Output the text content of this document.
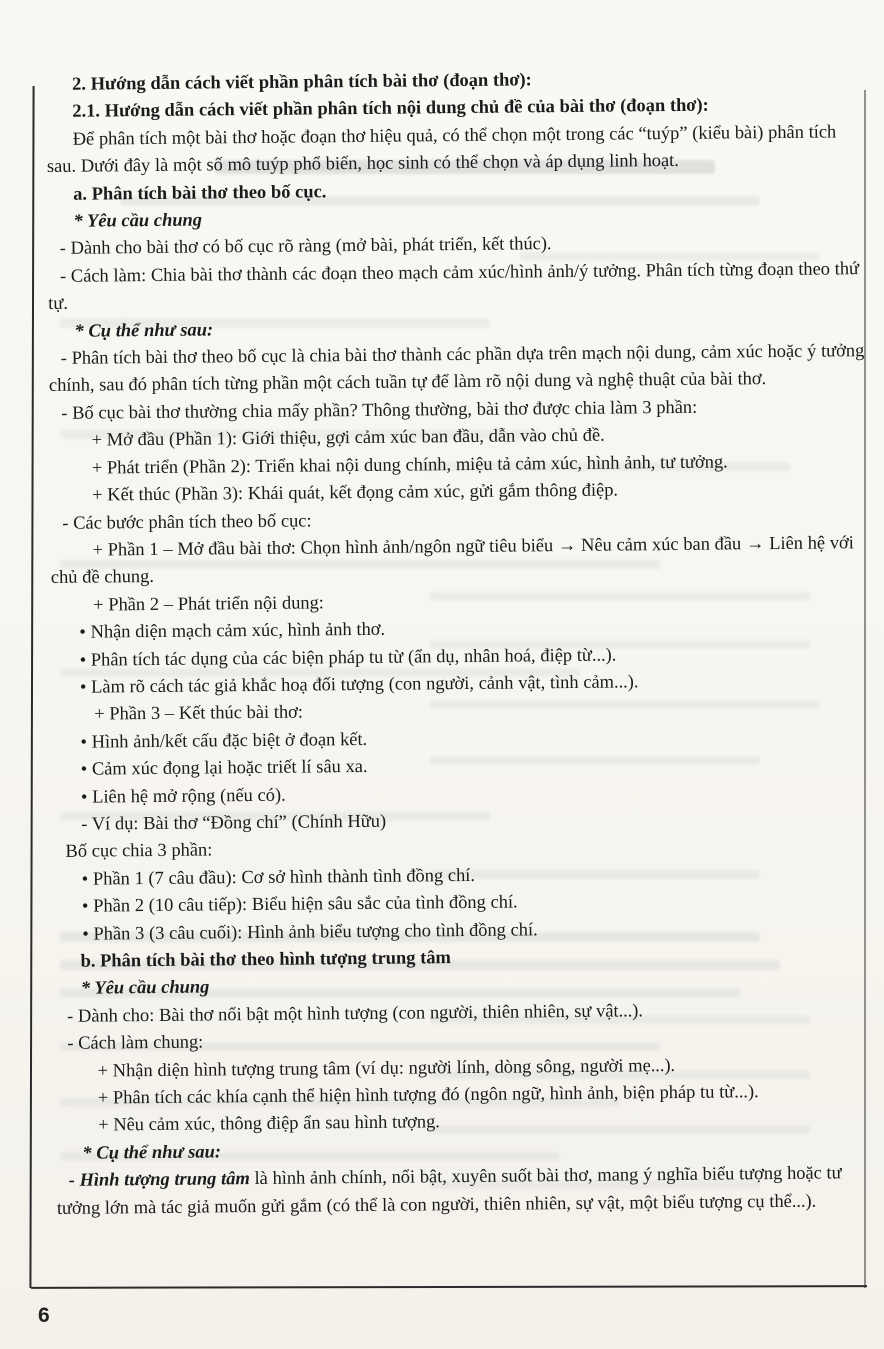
2. Hướng dẫn cách viết phần phân tích bài thơ (đoạn thơ):

2.1. Hướng dẫn cách viết phần phân tích nội dung chủ đề của bài thơ (đoạn thơ):

Để phân tích một bài thơ hoặc đoạn thơ hiệu quả, có thể chọn một trong các “tuýp” (kiểu bài) phân tích sau. Dưới đây là một số mô tuýp phổ biến, học sinh có thể chọn và áp dụng linh hoạt.

a. Phân tích bài thơ theo bố cục.

* Yêu cầu chung

- Dành cho bài thơ có bố cục rõ ràng (mở bài, phát triển, kết thúc).

- Cách làm: Chia bài thơ thành các đoạn theo mạch cảm xúc/hình ảnh/ý tưởng. Phân tích từng đoạn theo thứ tự.

* Cụ thể như sau:

- Phân tích bài thơ theo bố cục là chia bài thơ thành các phần dựa trên mạch nội dung, cảm xúc hoặc ý tưởng chính, sau đó phân tích từng phần một cách tuần tự để làm rõ nội dung và nghệ thuật của bài thơ.

- Bố cục bài thơ thường chia mấy phần? Thông thường, bài thơ được chia làm 3 phần:

+ Mở đầu (Phần 1): Giới thiệu, gợi cảm xúc ban đầu, dẫn vào chủ đề.

+ Phát triển (Phần 2): Triển khai nội dung chính, miệu tả cảm xúc, hình ảnh, tư tưởng.

+ Kết thúc (Phần 3): Khái quát, kết đọng cảm xúc, gửi gắm thông điệp.

- Các bước phân tích theo bố cục:

+ Phần 1 – Mở đầu bài thơ: Chọn hình ảnh/ngôn ngữ tiêu biểu → Nêu cảm xúc ban đầu → Liên hệ với chủ đề chung.

+ Phần 2 – Phát triển nội dung:

• Nhận diện mạch cảm xúc, hình ảnh thơ.

• Phân tích tác dụng của các biện pháp tu từ (ẩn dụ, nhân hoá, điệp từ...).

• Làm rõ cách tác giả khắc hoạ đối tượng (con người, cảnh vật, tình cảm...).

+ Phần 3 – Kết thúc bài thơ:

• Hình ảnh/kết cấu đặc biệt ở đoạn kết.

• Cảm xúc đọng lại hoặc triết lí sâu xa.

• Liên hệ mở rộng (nếu có).

- Ví dụ: Bài thơ “Đồng chí” (Chính Hữu)

Bố cục chia 3 phần:

• Phần 1 (7 câu đầu): Cơ sở hình thành tình đồng chí.

• Phần 2 (10 câu tiếp): Biểu hiện sâu sắc của tình đồng chí.

• Phần 3 (3 câu cuối): Hình ảnh biểu tượng cho tình đồng chí.

b. Phân tích bài thơ theo hình tượng trung tâm

* Yêu cầu chung

- Dành cho: Bài thơ nổi bật một hình tượng (con người, thiên nhiên, sự vật...).

- Cách làm chung:

+ Nhận diện hình tượng trung tâm (ví dụ: người lính, dòng sông, người mẹ...).

+ Phân tích các khía cạnh thể hiện hình tượng đó (ngôn ngữ, hình ảnh, biện pháp tu từ...).

+ Nêu cảm xúc, thông điệp ẩn sau hình tượng.

* Cụ thể như sau:

- Hình tượng trung tâm là hình ảnh chính, nổi bật, xuyên suốt bài thơ, mang ý nghĩa biểu tượng hoặc tư tưởng lớn mà tác giả muốn gửi gắm (có thể là con người, thiên nhiên, sự vật, một biểu tượng cụ thể...).

6
